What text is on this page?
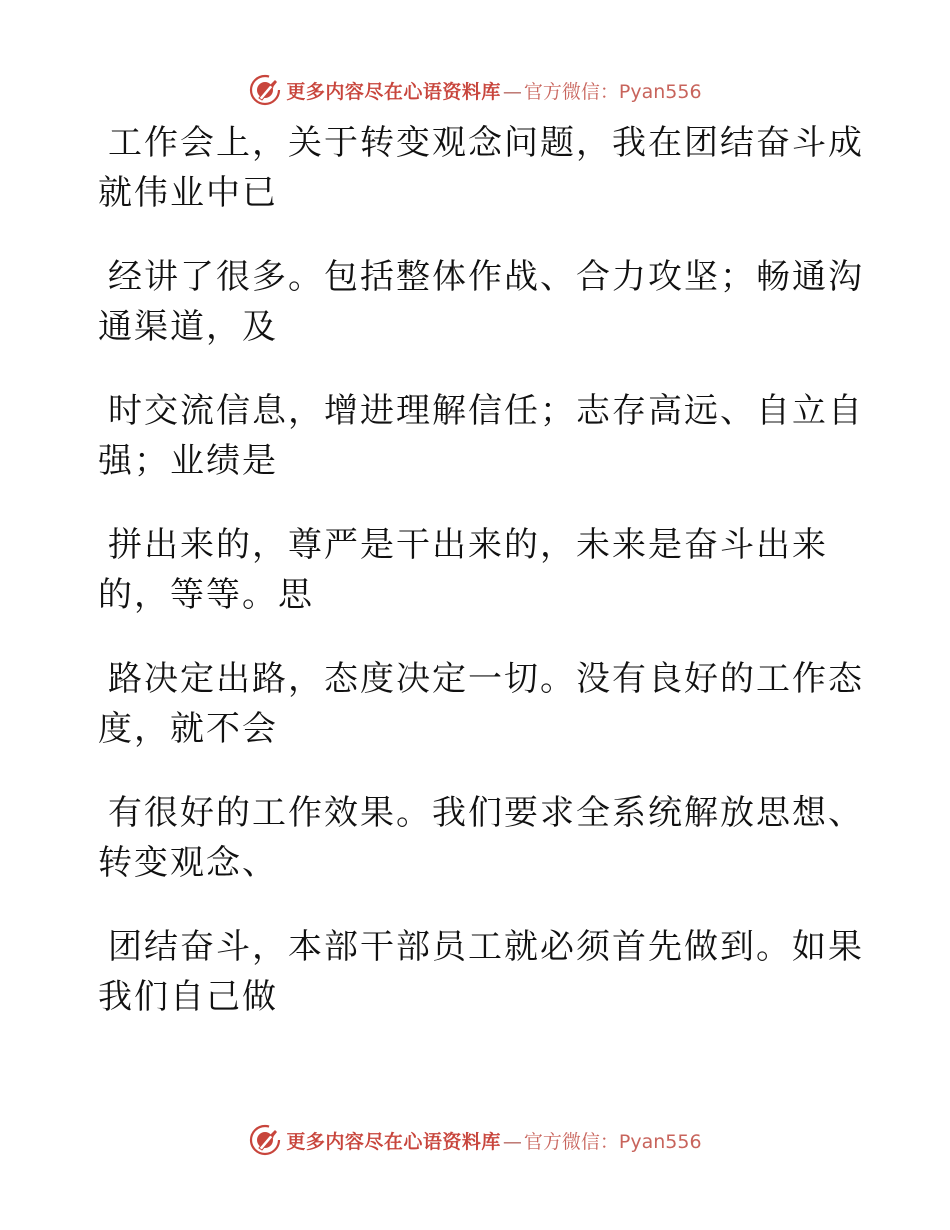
更多内容尽在心语资料库 — 官方微信：Pyan556

工作会上，关于转变观念问题，我在团结奋斗成
就伟业中已

经讲了很多。包括整体作战、合力攻坚；畅通沟
通渠道，及

时交流信息，增进理解信任；志存高远、自立自
强；业绩是

拼出来的，尊严是干出来的，未来是奋斗出来
的，等等。思

路决定出路，态度决定一切。没有良好的工作态
度，就不会

有很好的工作效果。我们要求全系统解放思想、
转变观念、

团结奋斗，本部干部员工就必须首先做到。如果
我们自己做

更多内容尽在心语资料库 — 官方微信：Pyan556
